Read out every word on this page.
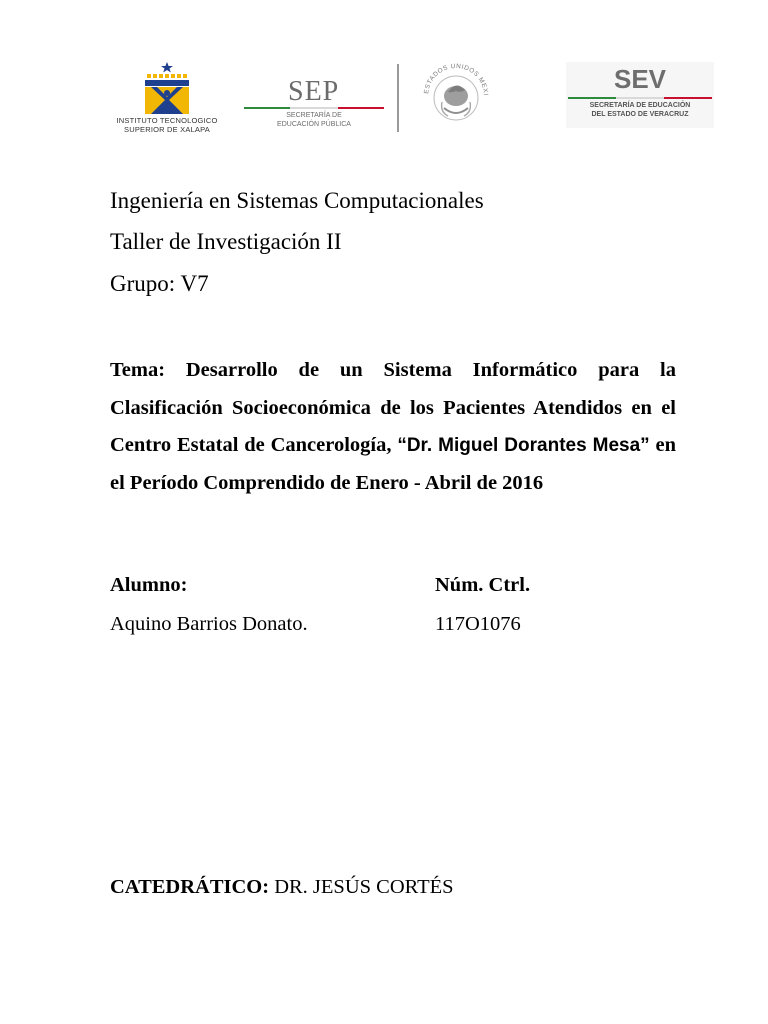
INSTITUTO TECNOLOGICO
SUPERIOR DE XALAPA
SEP
SECRETARÍA DE
EDUCACIÓN PÚBLICA
ESTADOS UNIDOS MEXI
SEV
SECRETARÍA DE EDUCACIÓN
DEL ESTADO DE VERACRUZ
Ingeniería en Sistemas Computacionales
Taller de Investigación II
Grupo: V7
Tema: Desarrollo de un Sistema Informático para la Clasificación Socioeconómica de los Pacientes Atendidos en el Centro Estatal de Cancerología, “Dr. Miguel Dorantes Mesa” en el Período Comprendido de Enero - Abril de 2016
Alumno:	Núm. Ctrl.
Aquino Barrios Donato.	117O1076
CATEDRÁTICO: DR. JESÚS CORTÉS
